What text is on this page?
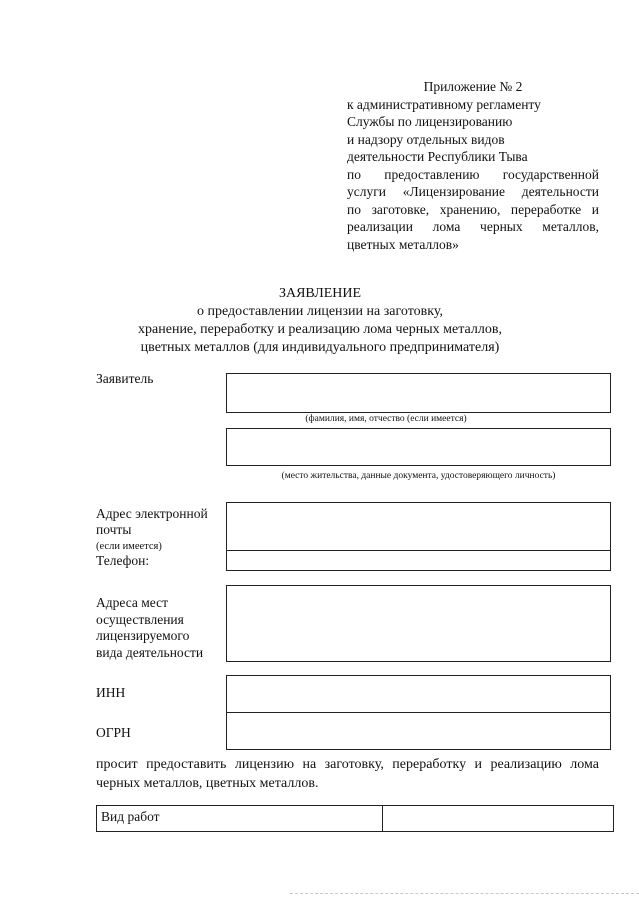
Приложение № 2
к административному регламенту
Службы по лицензированию
и надзору отдельных видов
деятельности Республики Тыва
по предоставлению государственной
услуги «Лицензирование деятельности
по заготовке, хранению, переработке и
реализации лома черных металлов,
цветных металлов»
ЗАЯВЛЕНИЕ
о предоставлении лицензии на заготовку,
хранение, переработку и реализацию лома черных металлов,
цветных металлов (для индивидуального предпринимателя)
Заявитель
(фамилия, имя, отчество (если имеется)
(место жительства, данные документа, удостоверяющего личность)
Адрес электронной
почты
(если имеется)
Телефон:
Адреса мест
осуществления
лицензируемого
вида деятельности
ИНН
ОГРН
просит предоставить лицензию на заготовку, переработку и реализацию лома черных металлов, цветных металлов.
Вид работ	
